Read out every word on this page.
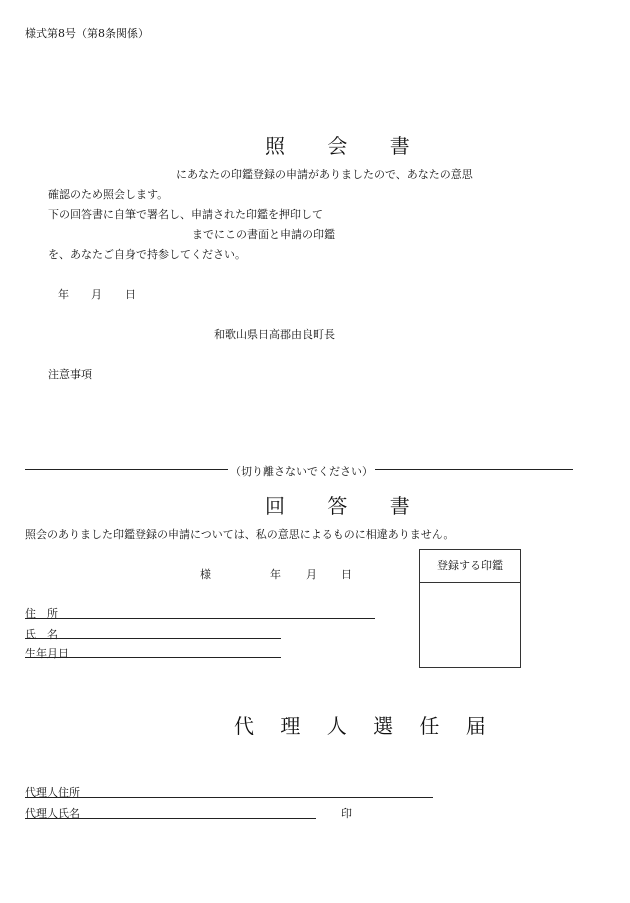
様式第8号（第8条関係）
照 会 書
にあなたの印鑑登録の申請がありましたので、あなたの意思
確認のため照会します。
下の回答書に自筆で署名し、申請された印鑑を押印して
までにこの書面と申請の印鑑
を、あなたご自身で持参してください。
年 月 日
和歌山県日高郡由良町長
注意事項
（切り離さないでください）
回 答 書
照会のありました印鑑登録の申請については、私の意思によるものに相違ありません。
様	年 月 日
住　所
氏　名
生年月日
登録する印鑑
代 理 人 選 任 届
代理人住所
代理人氏名	印
